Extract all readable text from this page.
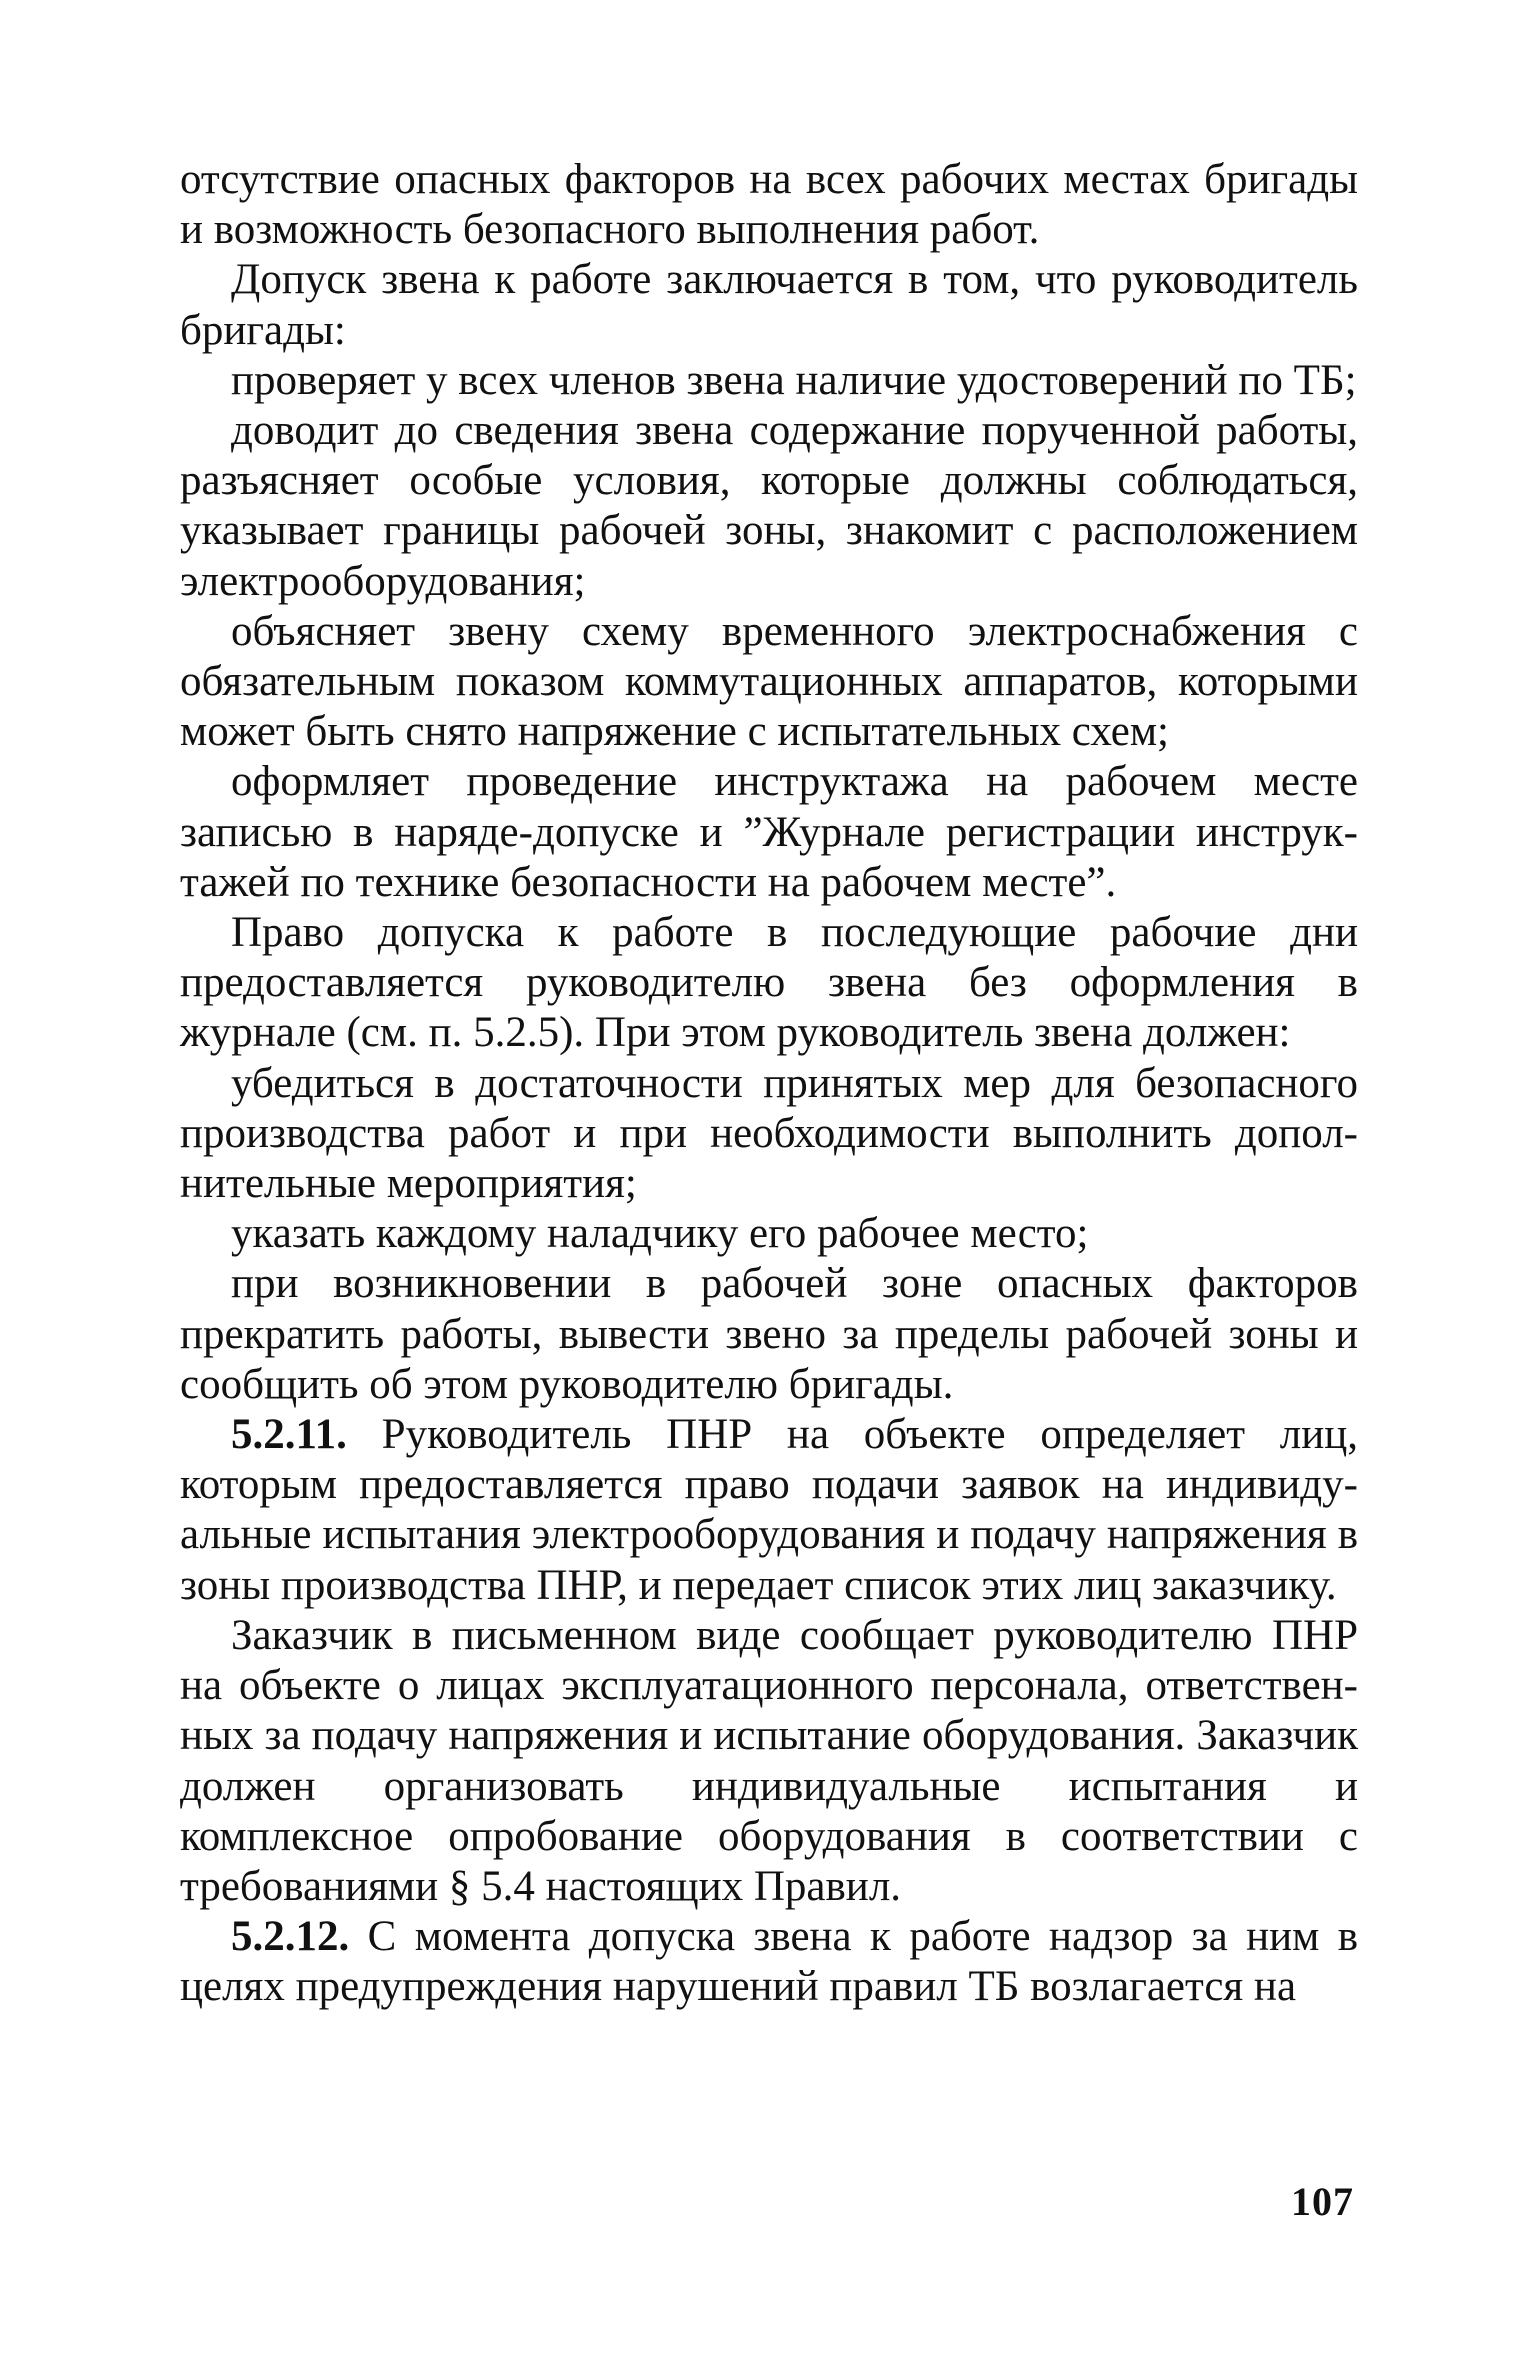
отсутствие опасных факторов на всех рабочих местах бригады и возможность безопасного выполнения работ.

Допуск звена к работе заключается в том, что руководитель бригады:

проверяет у всех членов звена наличие удостоверений по ТБ;

доводит до сведения звена содержание порученной работы, разъясняет особые условия, которые должны соблюдаться, указывает границы рабочей зоны, знакомит с расположением электрооборудования;

объясняет звену схему временного электроснабжения с обязательным показом коммутационных аппаратов, которыми может быть снято напряжение с испытательных схем;

оформляет проведение инструктажа на рабочем месте записью в наряде-допуске и ”Журнале регистрации инструктажей по технике безопасности на рабочем месте”.

Право допуска к работе в последующие рабочие дни предоставляется руководителю звена без оформления в журнале (см. п. 5.2.5). При этом руководитель звена должен:

убедиться в достаточности принятых мер для безопасного производства работ и при необходимости выполнить дополнительные мероприятия;

указать каждому наладчику его рабочее место;

при возникновении в рабочей зоне опасных факторов прекратить работы, вывести звено за пределы рабочей зоны и сообщить об этом руководителю бригады.

5.2.11. Руководитель ПНР на объекте определяет лиц, которым предоставляется право подачи заявок на индивидуальные испытания электрооборудования и подачу напряжения в зоны производства ПНР, и передает список этих лиц заказчику.

Заказчик в письменном виде сообщает руководителю ПНР на объекте о лицах эксплуатационного персонала, ответственных за подачу напряжения и испытание оборудования. Заказчик должен организовать индивидуальные испытания и комплексное опробование оборудования в соответствии с требованиями § 5.4 настоящих Правил.

5.2.12. С момента допуска звена к работе надзор за ним в целях предупреждения нарушений правил ТБ возлагается на

107
